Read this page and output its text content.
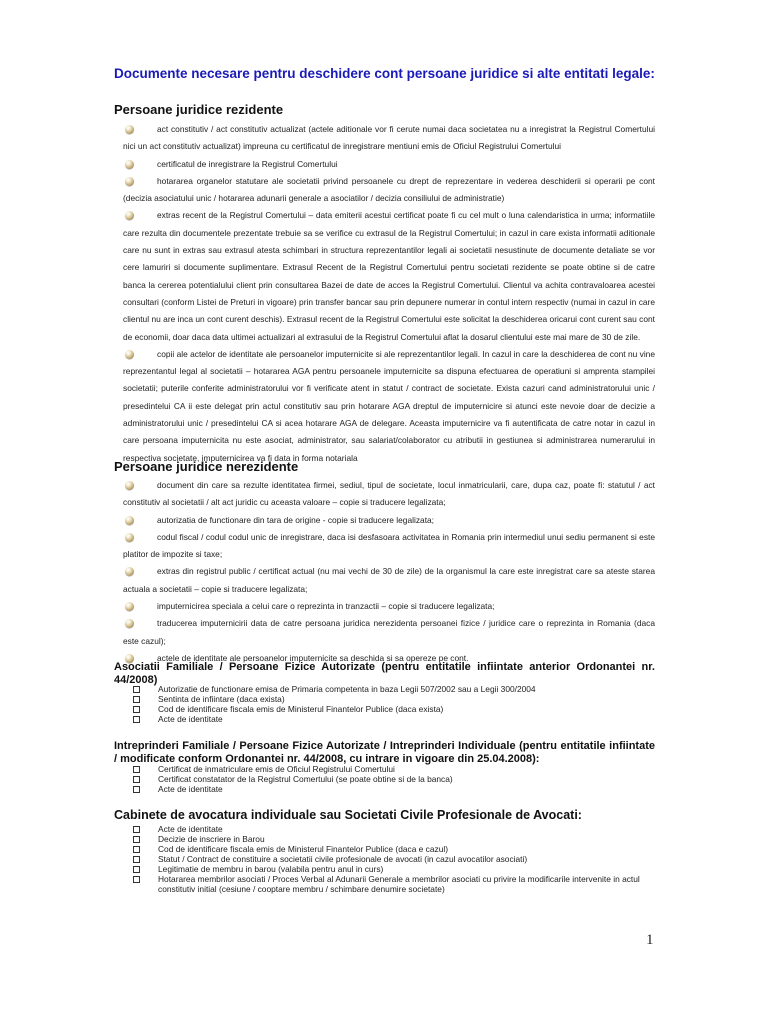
Documente necesare pentru deschidere cont persoane juridice si alte entitati legale:
Persoane juridice rezidente
act constitutiv / act constitutiv actualizat (actele aditionale vor fi cerute numai daca societatea nu a inregistrat la Registrul Comertului nici un act constitutiv actualizat) impreuna cu certificatul de inregistrare mentiuni emis de Oficiul Registrului Comertului
certificatul de inregistrare la Registrul Comertului
hotararea organelor statutare ale societatii privind persoanele cu drept de reprezentare in vederea deschiderii si operarii pe cont (decizia asociatului unic / hotararea adunarii generale a asociatilor / decizia consiliului de administratie)
extras recent de la Registrul Comertului – data emiterii acestui certificat poate fi cu cel mult o luna calendaristica in urma; informatiile care rezulta din documentele prezentate trebuie sa se verifice cu extrasul de la Registrul Comertului; in cazul in care exista informatii aditionale care nu sunt in extras sau extrasul atesta schimbari in structura reprezentantilor legali ai societatii nesustinute de documente detaliate se vor cere lamuriri si documente suplimentare. Extrasul Recent de la Registrul Comertului pentru societati rezidente se poate obtine si de catre banca la cererea potentialului client prin consultarea Bazei de date de acces la Registrul Comertului. Clientul va achita contravaloarea acestei consultari (conform Listei de Preturi in vigoare) prin transfer bancar sau prin depunere numerar in contul intern respectiv (numai in cazul in care clientul nu are inca un cont curent deschis). Extrasul recent de la Registrul Comertului este solicitat la deschiderea oricarui cont curent sau cont de economii, doar daca data ultimei actualizari al extrasului de la Registrul Comertului aflat la dosarul clientului este mai mare de 30 de zile.
copii ale actelor de identitate ale persoanelor imputernicite si ale reprezentantilor legali. In cazul in care la deschiderea de cont nu vine reprezentantul legal al societatii – hotararea AGA pentru persoanele imputernicite sa dispuna efectuarea de operatiuni si amprenta stampilei societatii; puterile conferite administratorului vor fi verificate atent in statut / contract de societate. Exista cazuri cand administratorului unic / presedintelui CA ii este delegat prin actul constitutiv sau prin hotarare AGA dreptul de imputernicire si atunci este nevoie doar de decizie a administratorului unic / presedintelui CA si acea hotarare AGA de delegare. Aceasta imputernicire va fi autentificata de catre notar in cazul in care persoana imputernicita nu este asociat, administrator, sau salariat/colaborator cu atributii in gestiunea si administrarea numerarului in respectiva societate, imputernicirea va fi data in forma notariala
Persoane juridice nerezidente
document din care sa rezulte identitatea firmei, sediul, tipul de societate, locul inmatricularii, care, dupa caz, poate fi: statutul / act constitutiv al societatii / alt act juridic cu aceasta valoare – copie si traducere legalizata;
autorizatia de functionare din tara de origine - copie si traducere legalizata;
codul fiscal / codul codul unic de inregistrare, daca isi desfasoara activitatea in Romania prin intermediul unui sediu permanent si este platitor de impozite si taxe;
extras din registrul public / certificat actual (nu mai vechi de 30 de zile) de la organismul la care este inregistrat care sa ateste starea actuala a societatii – copie si traducere legalizata;
imputernicirea speciala a celui care o reprezinta in tranzactii – copie si traducere legalizata;
traducerea imputernicirii data de catre persoana juridica nerezidenta persoanei fizice / juridice care o reprezinta in Romania (daca este cazul);
actele de identitate ale persoanelor imputernicite sa deschida si sa opereze pe cont.
Asociatii Familiale / Persoane Fizice Autorizate (pentru entitatile infiintate anterior Ordonantei nr. 44/2008)
Autorizatie de functionare emisa de Primaria competenta in baza Legii 507/2002 sau a Legii 300/2004
Sentinta de infiintare (daca exista)
Cod de identificare fiscala emis de Ministerul Finantelor Publice (daca exista)
Acte de identitate
Intreprinderi Familiale / Persoane Fizice Autorizate / Intreprinderi Individuale (pentru entitatile infiintate / modificate conform Ordonantei nr. 44/2008, cu intrare in vigoare din 25.04.2008):
Certificat de inmatriculare emis de Oficiul Registrului Comertului
Certificat constatator de la Registrul Comertului (se poate obtine si de la banca)
Acte de identitate
Cabinete de avocatura individuale sau Societati Civile Profesionale de Avocati:
Acte de identitate
Decizie de inscriere in Barou
Cod de identificare fiscala emis de Ministerul Finantelor Publice (daca e cazul)
Statut / Contract de constituire a societatii civile profesionale de avocati (in cazul avocatilor asociati)
Legitimatie de membru in barou (valabila pentru anul in curs)
Hotararea membrilor asociati / Proces Verbal al Adunarii Generale a membrilor asociati cu privire la modificarile intervenite in actul constitutiv initial (cesiune / cooptare membru / schimbare denumire societate)
1
